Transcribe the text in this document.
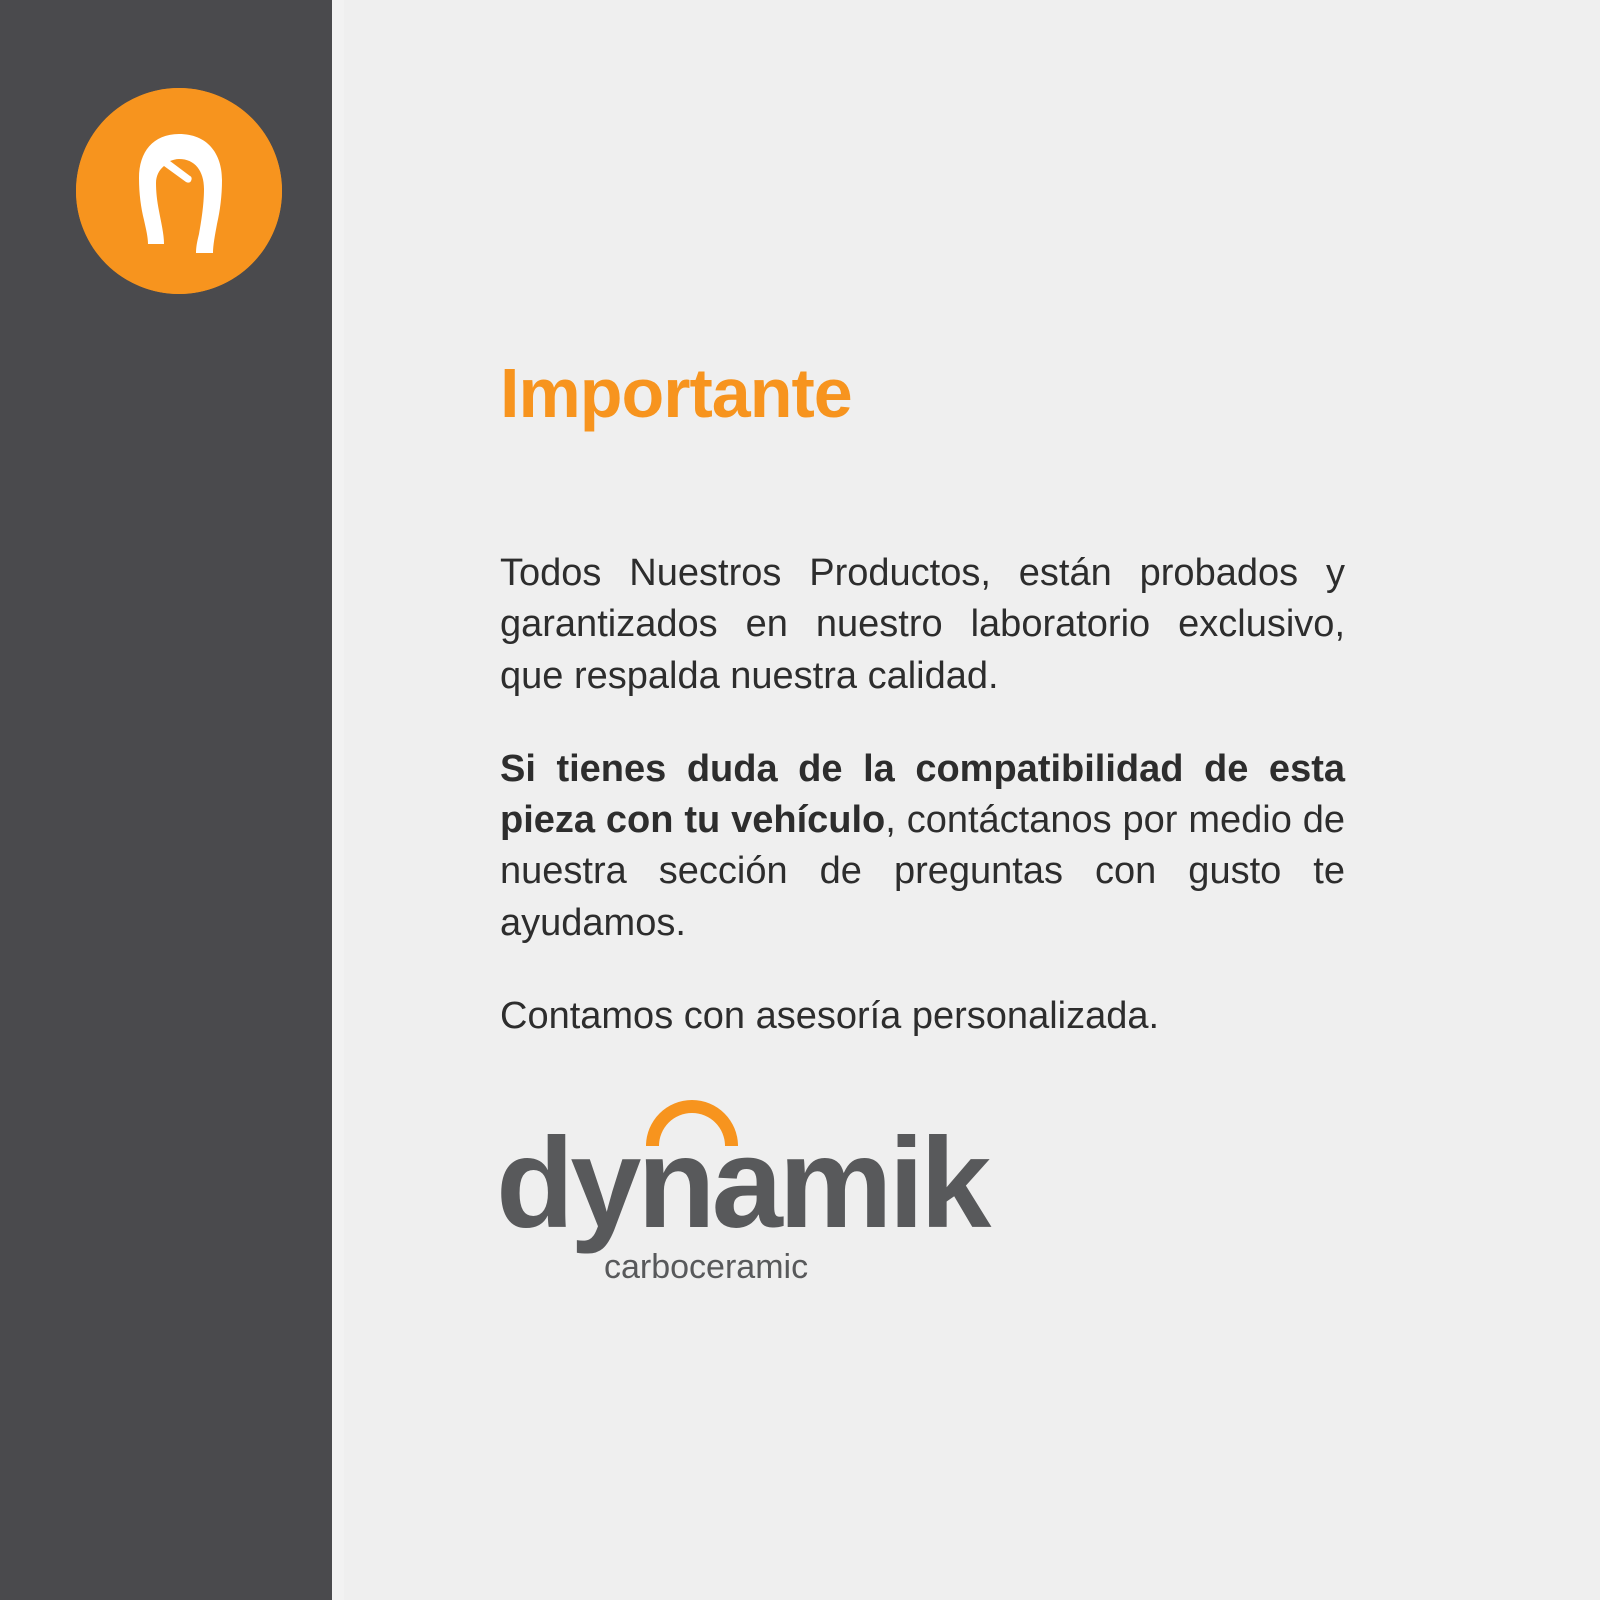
Importante

Todos Nuestros Productos, están probados y garantizados en nuestro laboratorio exclusivo, que respalda nuestra calidad.

Si tienes duda de la compatibilidad de esta pieza con tu vehículo, contáctanos por medio de nuestra sección de preguntas con gusto te ayudamos.

Contamos con asesoría personalizada.

dynamik
carboceramic
